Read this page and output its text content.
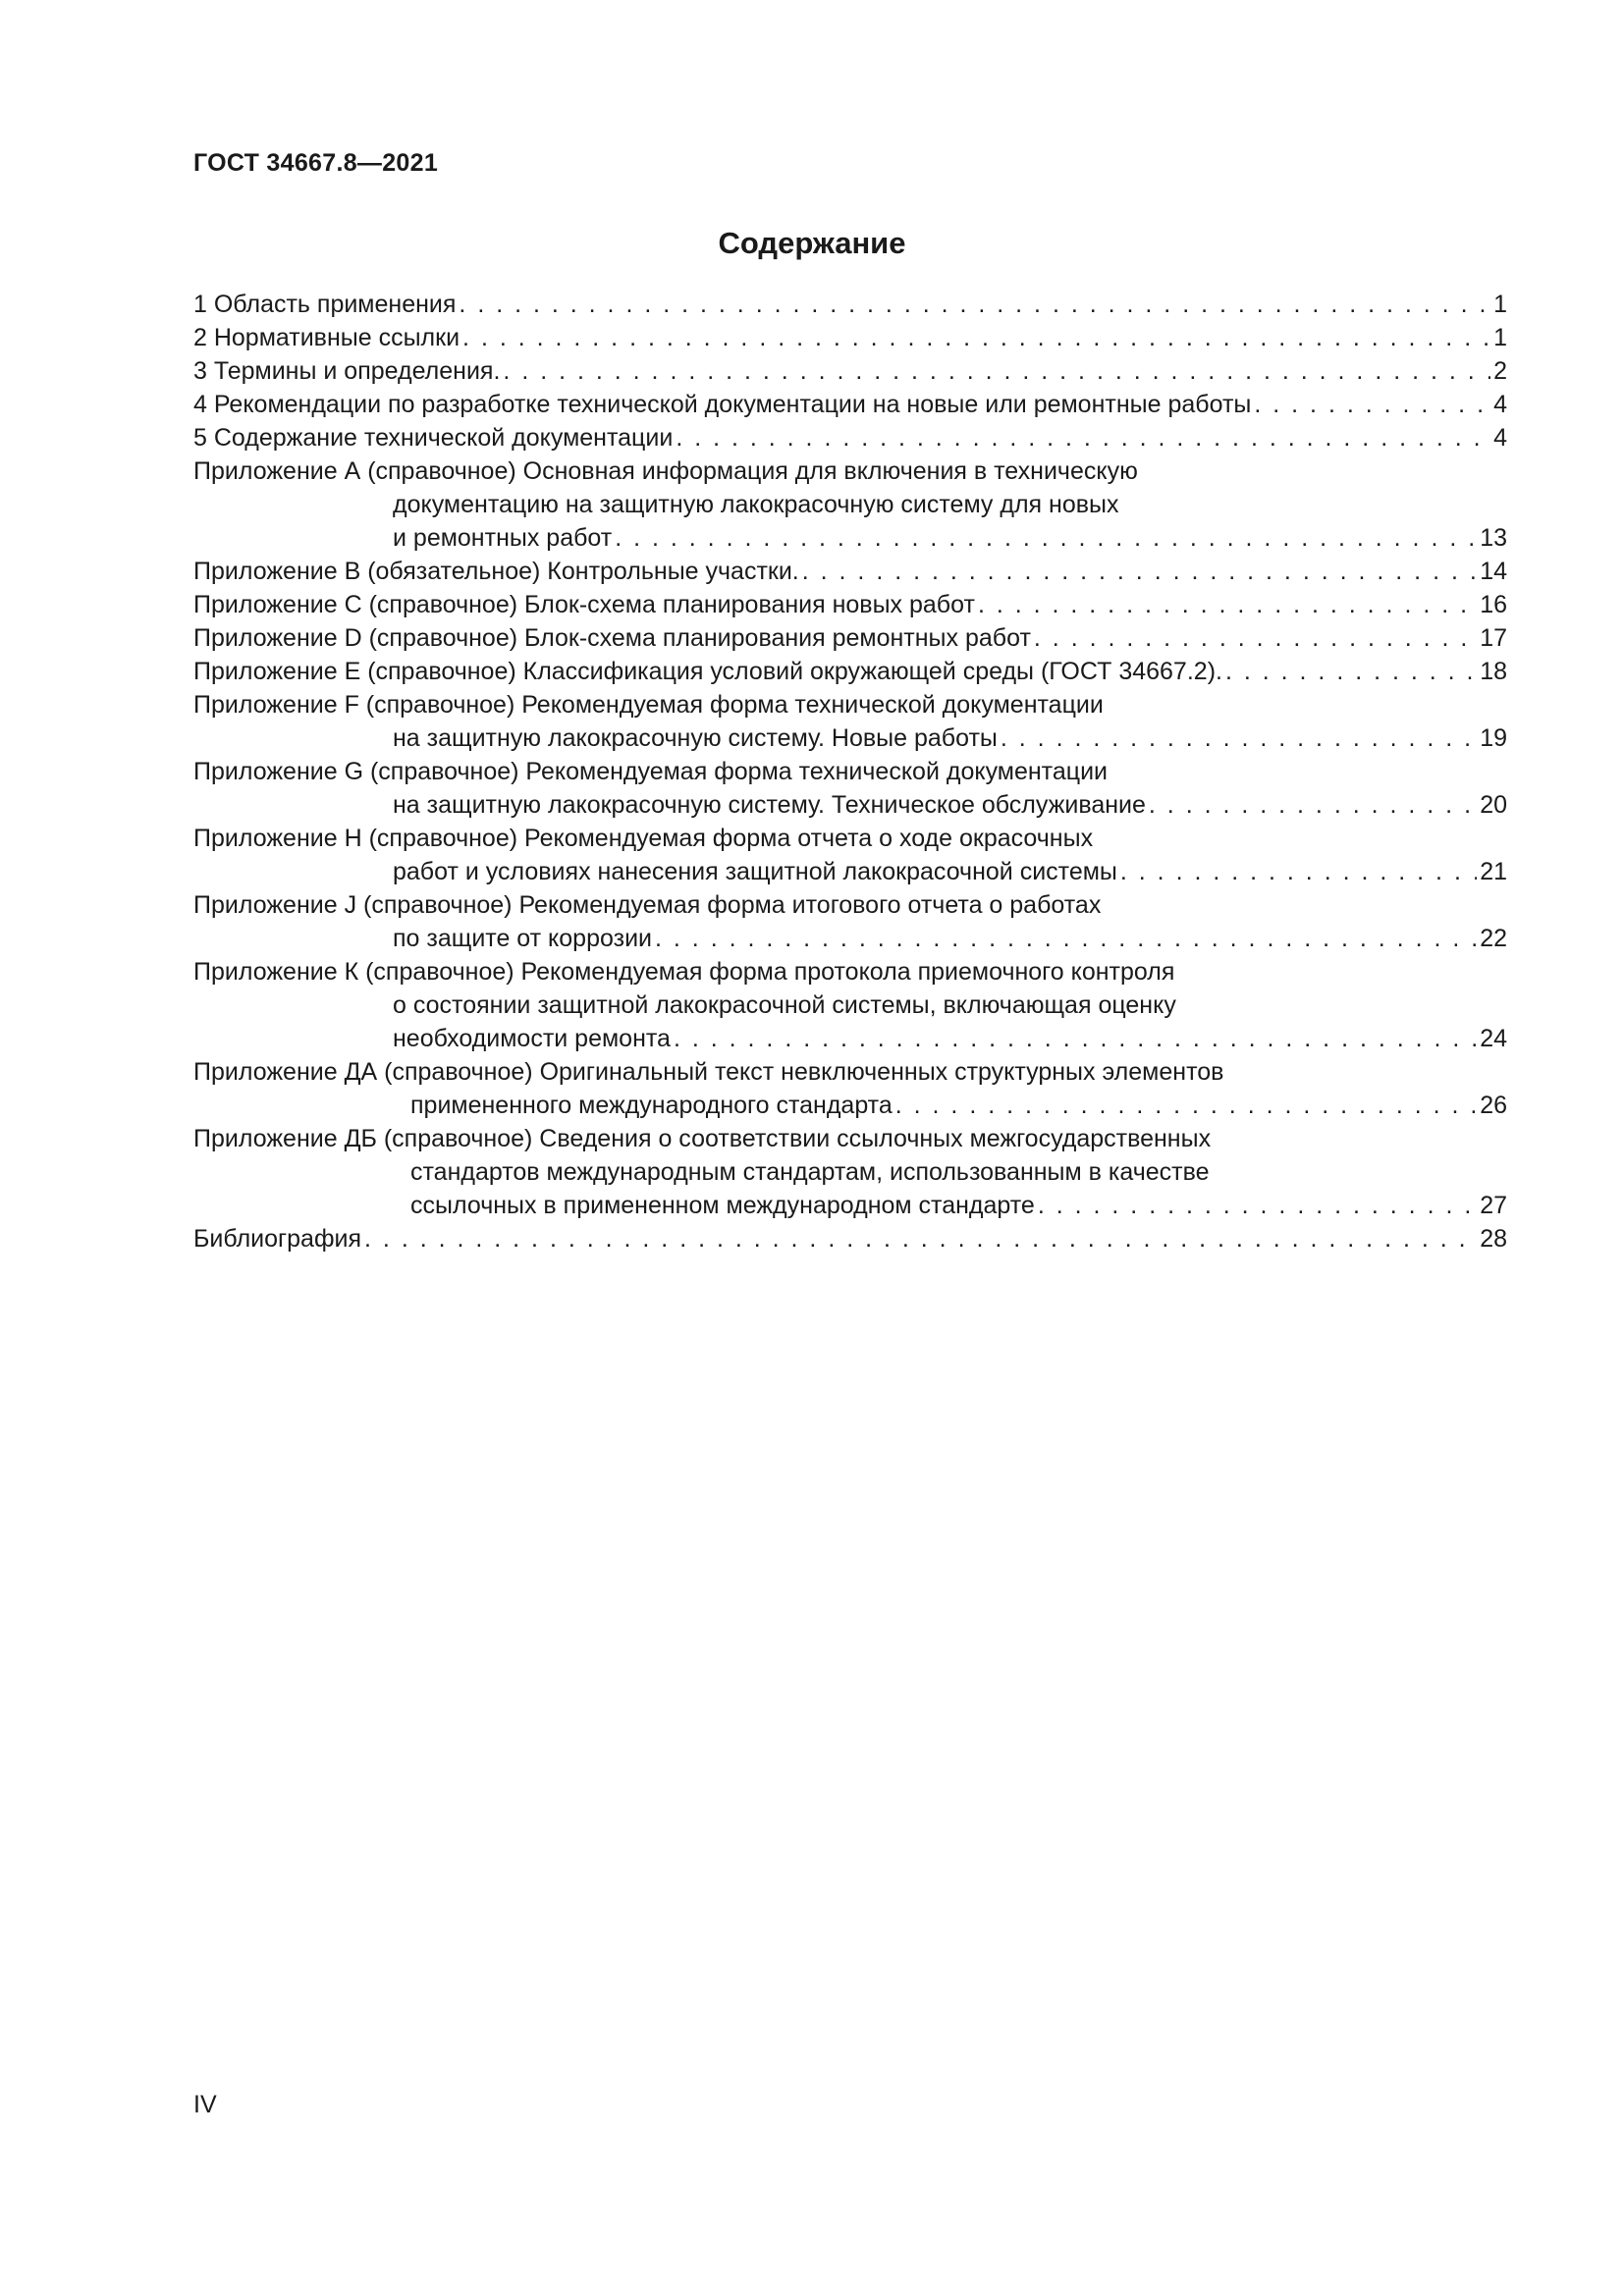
ГОСТ 34667.8—2021
Содержание
1 Область применения . . .	1
2 Нормативные ссылки . . .	1
3 Термины и определения. . . .	2
4 Рекомендации по разработке технической документации на новые или ремонтные работы . . .	4
5 Содержание технической документации . . .	4
Приложение А (справочное) Основная информация для включения в техническую
документацию на защитную лакокрасочную систему для новых
и ремонтных работ . . .	13
Приложение В (обязательное) Контрольные участки. . . .	14
Приложение С (справочное) Блок-схема планирования новых работ . . .	16
Приложение D (справочное) Блок-схема планирования ремонтных работ . . .	17
Приложение Е (справочное) Классификация условий окружающей среды (ГОСТ 34667.2). . . .	18
Приложение F (справочное) Рекомендуемая форма технической документации
на защитную лакокрасочную систему. Новые работы . . .	19
Приложение G (справочное) Рекомендуемая форма технической документации
на защитную лакокрасочную систему. Техническое обслуживание . . .	20
Приложение Н (справочное) Рекомендуемая форма отчета о ходе окрасочных
работ и условиях нанесения защитной лакокрасочной системы . . .	21
Приложение J (справочное) Рекомендуемая форма итогового отчета о работах
по защите от коррозии . . .	22
Приложение К (справочное) Рекомендуемая форма протокола приемочного контроля
о состоянии защитной лакокрасочной системы, включающая оценку
необходимости ремонта . . .	24
Приложение ДА (справочное) Оригинальный текст невключенных структурных элементов
примененного международного стандарта . . .	26
Приложение ДБ (справочное) Сведения о соответствии ссылочных межгосударственных
стандартов международным стандартам, использованным в качестве
ссылочных в примененном международном стандарте . . .	27
Библиография . . .	28
IV
